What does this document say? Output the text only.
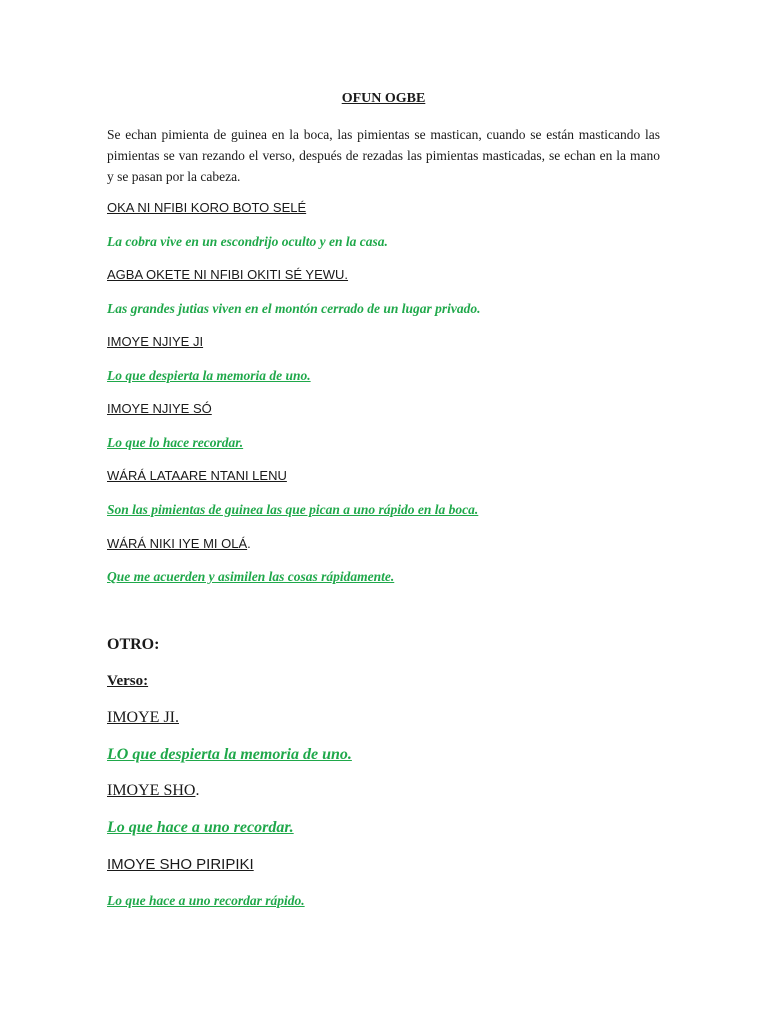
OFUN OGBE
Se echan pimienta de guinea en la boca, las pimientas se mastican, cuando se están masticando las pimientas se van rezando el verso, después de rezadas las pimientas masticadas, se echan en la mano y se pasan por la cabeza.
OKA NI NFIBI KORO BOTO SELÉ
La cobra vive en un escondrijo oculto y en la casa.
AGBA OKETE NI NFIBI OKITI SÉ YEWU.
Las grandes jutias viven en el montón cerrado de un lugar privado.
IMOYE NJIYE JI
Lo que despierta la memoria de uno.
IMOYE NJIYE SÓ
Lo que lo hace recordar.
WÁRÁ LATAARE NTANI LENU
Son las pimientas de guinea las que pican a uno rápido en la boca.
WÁRÁ NIKI IYE MI OLÁ.
Que me acuerden y asimilen las cosas rápidamente.
OTRO:
Verso:
IMOYE JI.
LO que despierta la memoria de uno.
IMOYE SHO.
Lo que hace a uno recordar.
IMOYE SHO PIRIPIKI
Lo que hace a uno recordar rápido.
